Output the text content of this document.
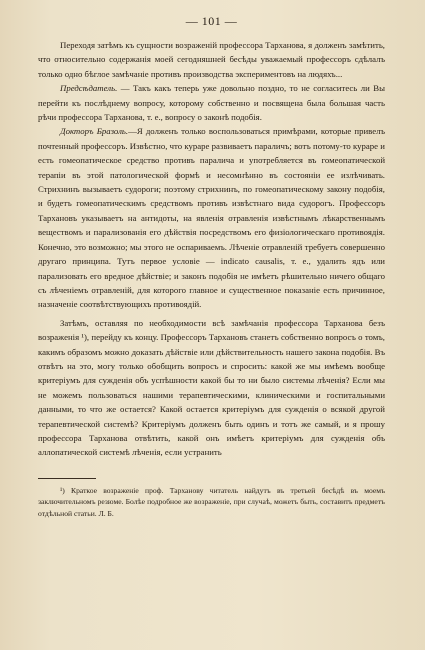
— 101 —

Переходя затѣмъ къ сущности возраженій профессора Тарханова, я долженъ замѣтить, что относительно содержанія моей сегодняшней бесѣды уважаемый профессоръ сдѣлалъ только одно бѣглое замѣчаніе противъ производства экспериментовъ на людяхъ...

Предсѣдатель. — Такъ какъ теперь уже довольно поздно, то не согласитесь ли Вы перейти къ послѣднему вопросу, которому собственно и посвящена была большая часть рѣчи профессора Тарханова, т. е., вопросу о законѣ подобія.

Докторъ Бразоль.—Я долженъ только воспользоваться примѣрами, которые привелъ почтенный профессоръ. Извѣстно, что кураре развиваетъ параличъ; вотъ потому-то кураре и есть гомеопатическое средство противъ паралича и употребляется въ гомеопатической терапіи въ этой патологической формѣ и несомнѣнно въ состояніи ее излѣчивать. Стрихнинъ вызываетъ судороги; поэтому стрихнинъ, по гомеопатическому закону подобія, и будетъ гомеопатическимъ средствомъ противъ извѣстнаго вида судорогъ. Профессоръ Тархановъ указываетъ на антидоты, на явленія отравленія извѣстнымъ лѣкарственнымъ веществомъ и парализованія его дѣйствія посредствомъ его физіологическаго противоядія. Конечно, это возможно; мы этого не оспариваемъ. Лѣченіе отравленій требуетъ совершенно другаго принципа. Тутъ первое условіе — indicato causalis, т. е., удалить ядъ или парализовать его вредное дѣйствіе; и законъ подобія не имѣетъ рѣшительно ничего общаго съ лѣченіемъ отравленій, для которого главное и существенное показаніе есть причинное, назначеніе соотвѣтствующихъ противоядій.

Затѣмъ, оставляя по необходимости всѣ замѣчанія профессора Тарханова безъ возраженія ¹), перейду къ концу. Профессоръ Тархановъ станетъ собственно вопросъ о томъ, какимъ образомъ можно доказать дѣйствіе или дѣйствительность нашего закона подобія. Въ отвѣтъ на это, могу только обобщить вопросъ и спросить: какой же мы имѣемъ вообще критеріумъ для сужденія объ успѣшности какой бы то ни было системы лѣченія? Если мы не можемъ пользоваться нашими терапевтическими, клиническими и госпитальными данными, то что же остается? Какой остается критеріумъ для сужденія о всякой другой терапевтической системѣ? Критеріумъ долженъ быть одинъ и тотъ же самый, и я прошу профессора Тарханова отвѣтить, какой онъ имѣетъ критеріумъ для сужденія объ аллопатической системѣ лѣченія, если устранить

¹) Краткое возраженіе проф. Тарханову читатель найдутъ въ третьей бесѣдѣ въ моемъ заключительномъ резюме. Болѣе подробное же возраженіе, при случаѣ, можетъ быть, составитъ предметъ отдѣльной статьи. Л. Б.
